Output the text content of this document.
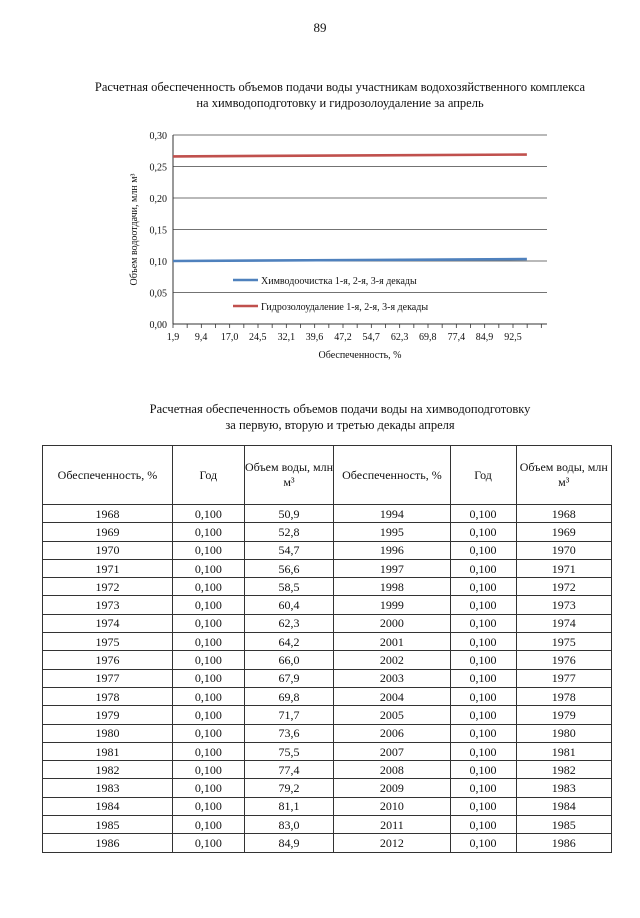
89
Расчетная обеспеченность объемов подачи воды участникам водохозяйственного комплекса
на химводоподготовку и гидрозолоудаление за апрель
0,00
0,05
0,10
0,15
0,20
0,25
0,30
1,9 9,4 17,0 24,5 32,1 39,6 47,2 54,7 62,3 69,8 77,4 84,9 92,5
Химводоочистка 1-я, 2-я, 3-я декады
Гидрозолоудаление 1-я, 2-я, 3-я декады
Обеспеченность, %
Объем водоотдачи, млн м³
Расчетная обеспеченность объемов подачи воды на химводоподготовку
за первую, вторую и третью декады апреля
Обеспеченность, %	Год	Объем воды, млн м³	Обеспеченность, %	Год	Объем воды, млн м³
1968	0,100	50,9	1994	0,100	1968
1969	0,100	52,8	1995	0,100	1969
1970	0,100	54,7	1996	0,100	1970
1971	0,100	56,6	1997	0,100	1971
1972	0,100	58,5	1998	0,100	1972
1973	0,100	60,4	1999	0,100	1973
1974	0,100	62,3	2000	0,100	1974
1975	0,100	64,2	2001	0,100	1975
1976	0,100	66,0	2002	0,100	1976
1977	0,100	67,9	2003	0,100	1977
1978	0,100	69,8	2004	0,100	1978
1979	0,100	71,7	2005	0,100	1979
1980	0,100	73,6	2006	0,100	1980
1981	0,100	75,5	2007	0,100	1981
1982	0,100	77,4	2008	0,100	1982
1983	0,100	79,2	2009	0,100	1983
1984	0,100	81,1	2010	0,100	1984
1985	0,100	83,0	2011	0,100	1985
1986	0,100	84,9	2012	0,100	1986
